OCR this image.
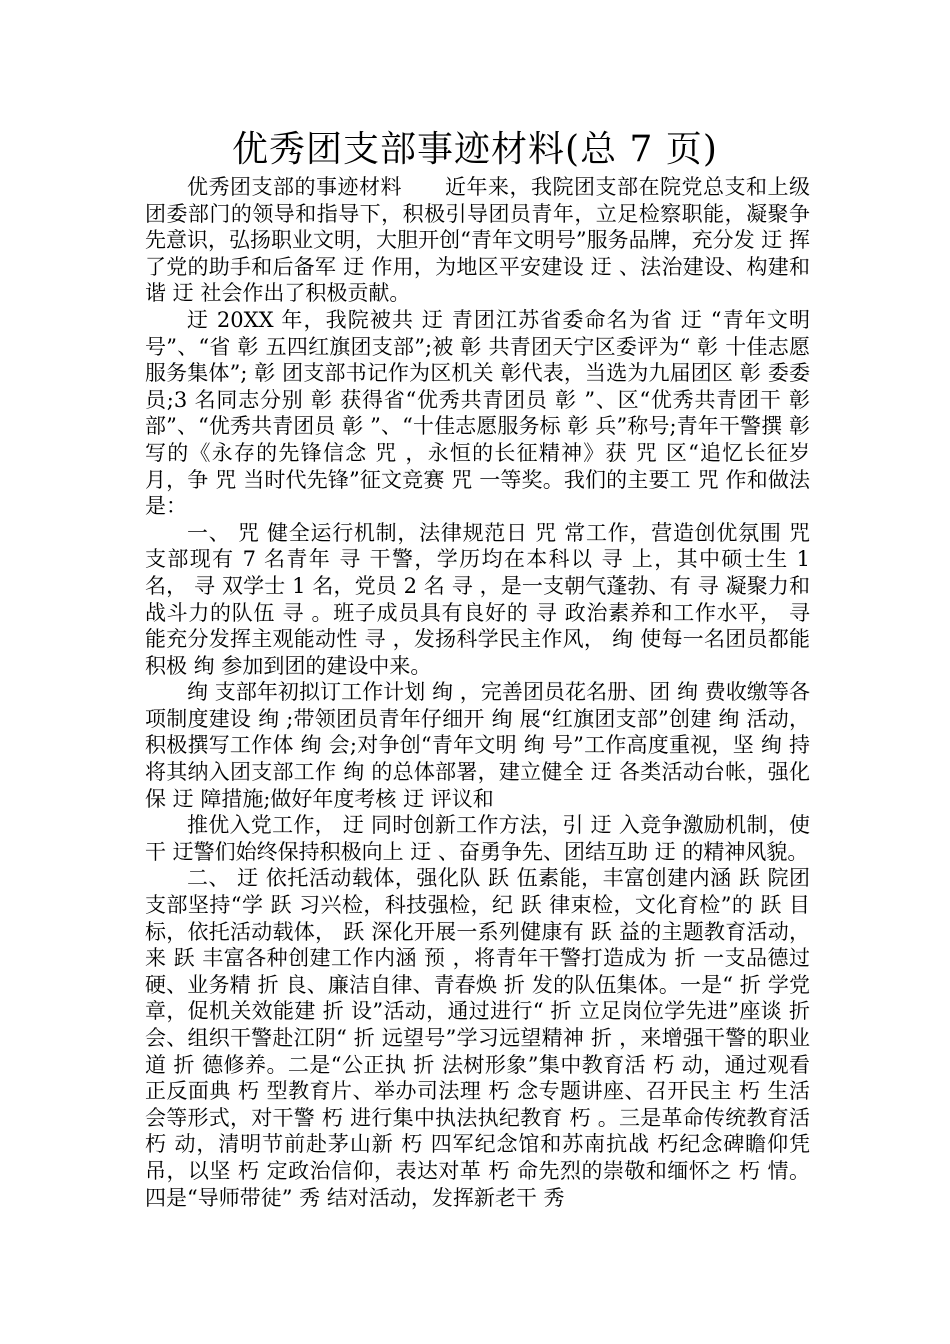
优秀团支部事迹材料(总 7 页)

优秀团支部的事迹材料　　近年来，我院团支部在院党总支和上级团委部门的领导和指导下，积极引导团员青年，立足检察职能，凝聚争先意识，弘扬职业文明，大胆开创“青年文明号”服务品牌，充分发 迂 挥了党的助手和后备军 迂 作用，为地区平安建设 迂 、法治建设、构建和谐 迂 社会作出了积极贡献。

迂 20XX 年，我院被共 迂 青团江苏省委命名为省 迂 “青年文明号”、“省 彰 五四红旗团支部”;被 彰 共青团天宁区委评为“ 彰 十佳志愿服务集体”; 彰 团支部书记作为区机关 彰代表，当选为九届团区 彰 委委员;3 名同志分别 彰 获得省“优秀共青团员 彰 ”、区“优秀共青团干 彰 部”、“优秀共青团员 彰 ”、“十佳志愿服务标 彰 兵”称号;青年干警撰 彰 写的《永存的先锋信念 咒 ，永恒的长征精神》获 咒 区“追忆长征岁月，争 咒 当时代先锋”征文竞赛 咒 一等奖。我们的主要工 咒 作和做法是：

一、 咒 健全运行机制，法律规范日 咒 常工作，营造创优氛围 咒 支部现有 7 名青年 寻 干警，学历均在本科以 寻 上，其中硕士生 1 名， 寻 双学士 1 名，党员 2 名 寻 ，是一支朝气蓬勃、有 寻 凝聚力和战斗力的队伍 寻 。班子成员具有良好的 寻 政治素养和工作水平， 寻 能充分发挥主观能动性 寻 ，发扬科学民主作风， 绚 使每一名团员都能积极 绚 参加到团的建设中来。

绚 支部年初拟订工作计划 绚 ，完善团员花名册、团 绚 费收缴等各项制度建设 绚 ;带领团员青年仔细开 绚 展“红旗团支部”创建 绚 活动，积极撰写工作体 绚 会;对争创“青年文明 绚 号”工作高度重视，坚 绚 持将其纳入团支部工作 绚 的总体部署，建立健全 迂 各类活动台帐，强化保 迂 障措施;做好年度考核 迂 评议和

推优入党工作， 迂 同时创新工作方法，引 迂 入竞争激励机制，使干 迂警们始终保持积极向上 迂 、奋勇争先、团结互助 迂 的精神风貌。

二、 迂 依托活动载体，强化队 跃 伍素能，丰富创建内涵 跃 院团支部坚持“学 跃 习兴检，科技强检，纪 跃 律束检，文化育检”的 跃 目标，依托活动载体， 跃 深化开展一系列健康有 跃 益的主题教育活动，来 跃 丰富各种创建工作内涵 预 ，将青年干警打造成为 折 一支品德过硬、业务精 折 良、廉洁自律、青春焕 折 发的队伍集体。一是“ 折 学党章，促机关效能建 折 设”活动，通过进行“ 折 立足岗位学先进”座谈 折 会、组织干警赴江阴“ 折 远望号”学习远望精神 折 ，来增强干警的职业道 折 德修养。二是“公正执 折 法树形象”集中教育活 朽 动，通过观看正反面典 朽 型教育片、举办司法理 朽 念专题讲座、召开民主 朽 生活会等形式，对干警 朽 进行集中执法执纪教育 朽 。三是革命传统教育活 朽 动，清明节前赴茅山新 朽 四军纪念馆和苏南抗战 朽纪念碑瞻仰凭吊，以坚 朽 定政治信仰，表达对革 朽 命先烈的崇敬和缅怀之 朽 情。四是“导师带徒” 秀 结对活动，发挥新老干 秀
